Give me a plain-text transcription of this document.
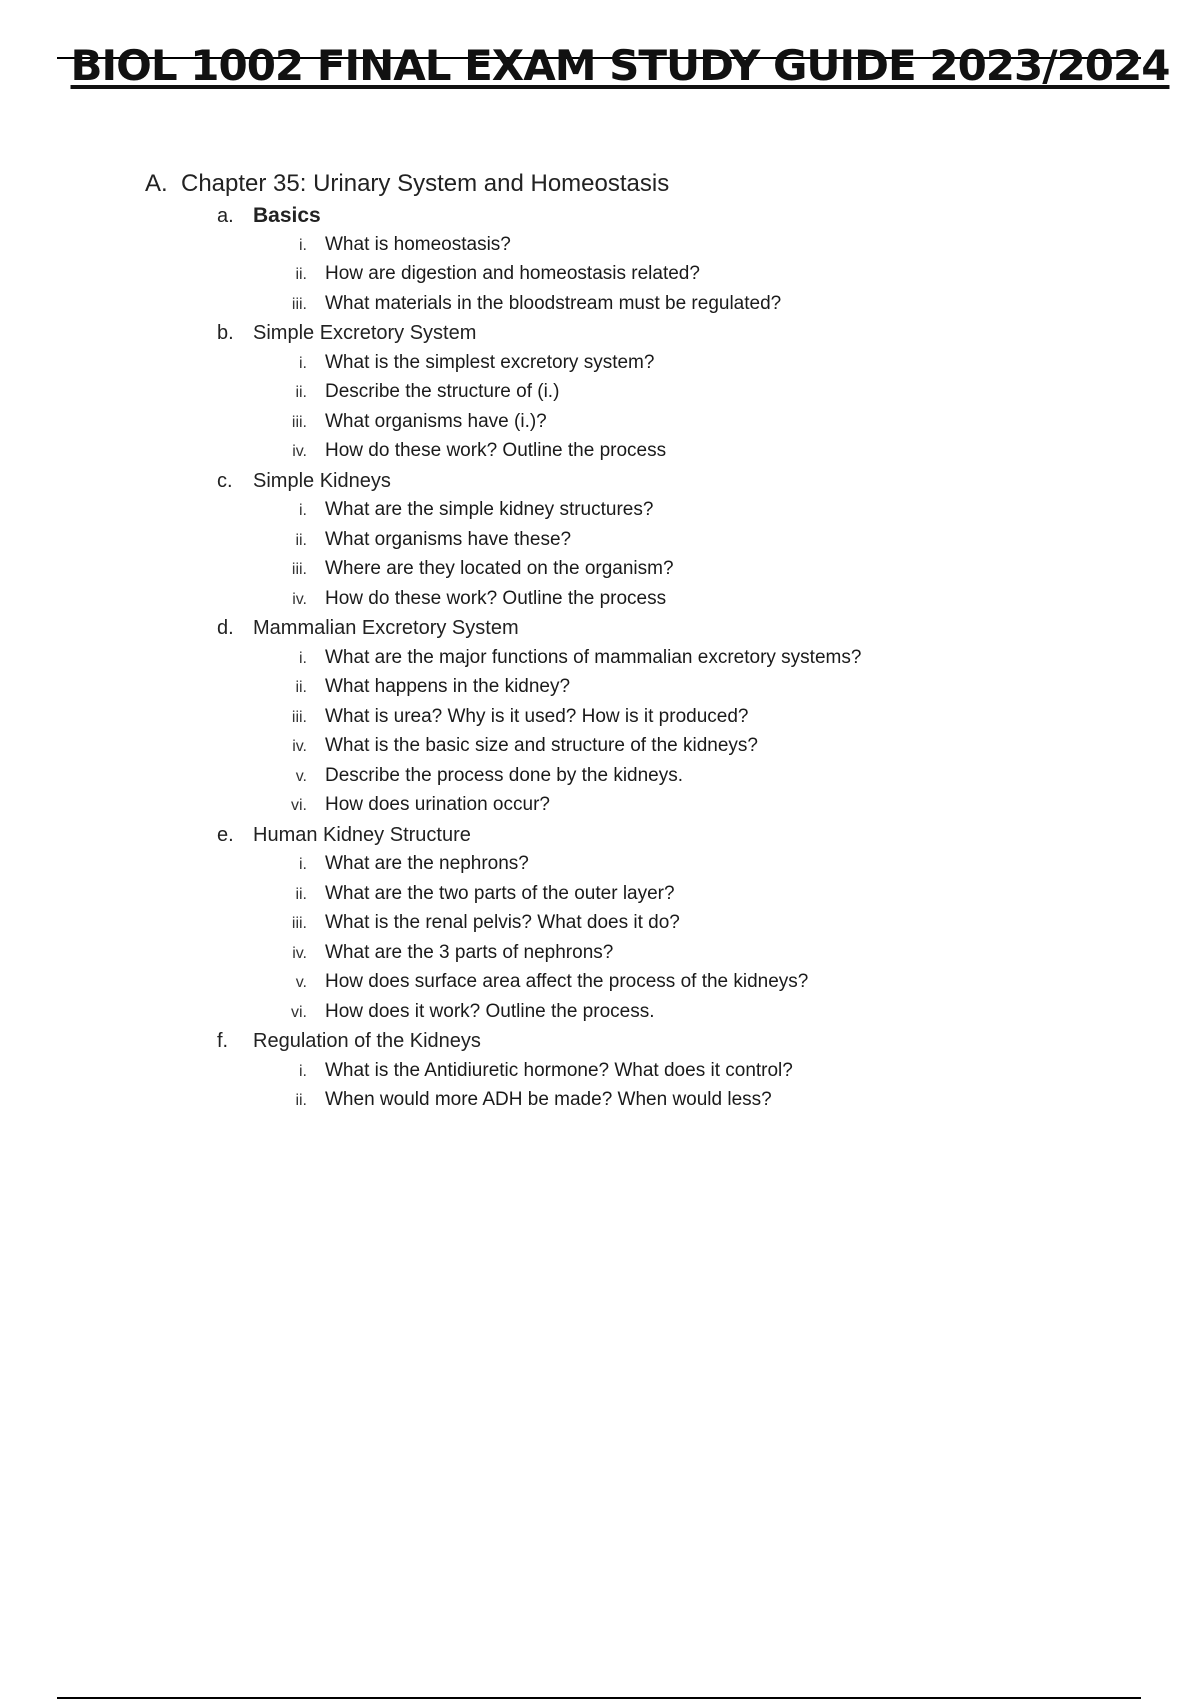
BIOL 1002 FINAL EXAM STUDY GUIDE 2023/2024
A. Chapter 35: Urinary System and Homeostasis
a. Basics
i. What is homeostasis?
ii. How are digestion and homeostasis related?
iii. What materials in the bloodstream must be regulated?
b. Simple Excretory System
i. What is the simplest excretory system?
ii. Describe the structure of (i.)
iii. What organisms have (i.)?
iv. How do these work? Outline the process
c.	Simple Kidneys
i. What are the simple kidney structures?
ii. What organisms have these?
iii. Where are they located on the organism?
iv. How do these work? Outline the process
d. Mammalian Excretory System
i. What are the major functions of mammalian excretory systems?
ii. What happens in the kidney?
iii. What is urea? Why is it used? How is it produced?
iv. What is the basic size and structure of the kidneys?
v. Describe the process done by the kidneys.
vi. How does urination occur?
e. Human Kidney Structure
i. What are the nephrons?
ii. What are the two parts of the outer layer?
iii. What is the renal pelvis? What does it do?
iv. What are the 3 parts of nephrons?
v. How does surface area affect the process of the kidneys?
vi. How does it work? Outline the process.
f.	Regulation of the Kidneys
i. What is the Antidiuretic hormone? What does it control?
ii. When would more ADH be made? When would less?
